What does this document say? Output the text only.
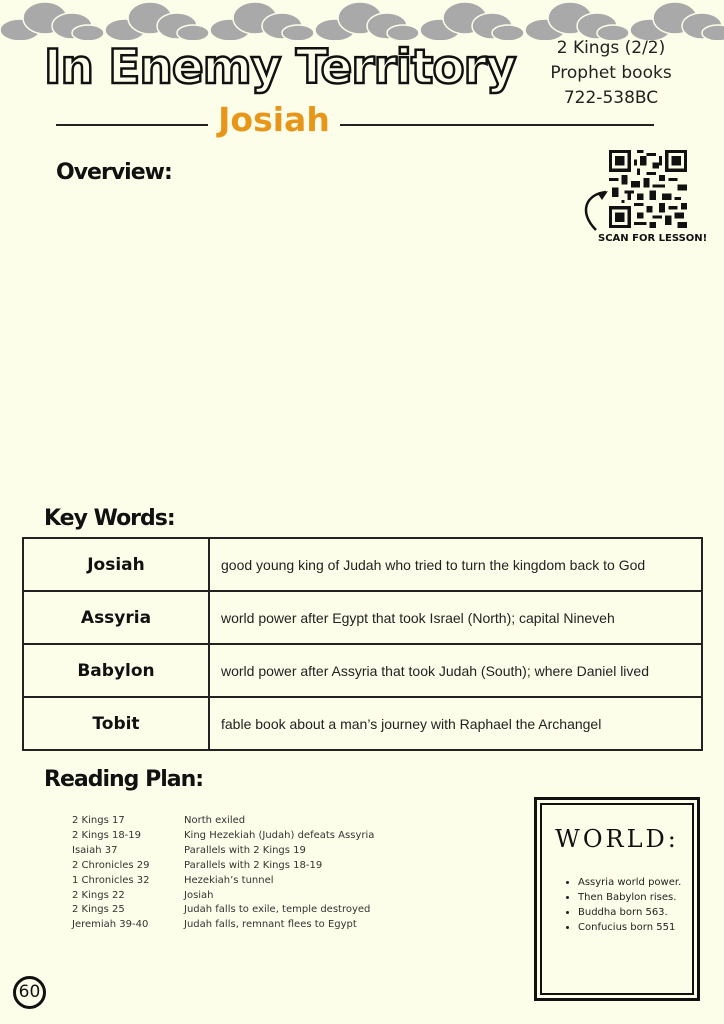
In Enemy Territory	2 Kings (2/2)
Prophet books
722-538BC
Josiah
Overview:
SCAN FOR LESSON!
Key Words:
Josiah	good young king of Judah who tried to turn the kingdom back to God
Assyria	world power after Egypt that took Israel (North); capital Nineveh
Babylon	world power after Assyria that took Judah (South); where Daniel lived
Tobit	fable book about a man’s journey with Raphael the Archangel
Reading Plan:
2 Kings 17	North exiled
2 Kings 18-19	King Hezekiah (Judah) defeats Assyria
Isaiah 37	Parallels with 2 Kings 19
2 Chronicles 29	Parallels with 2 Kings 18-19
1 Chronicles 32	Hezekiah’s tunnel
2 Kings 22	Josiah
2 Kings 25	Judah falls to exile, temple destroyed
Jeremiah 39-40	Judah falls, remnant flees to Egypt
WORLD:
• Assyria world power.
• Then Babylon rises.
• Buddha born 563.
• Confucius born 551
60
